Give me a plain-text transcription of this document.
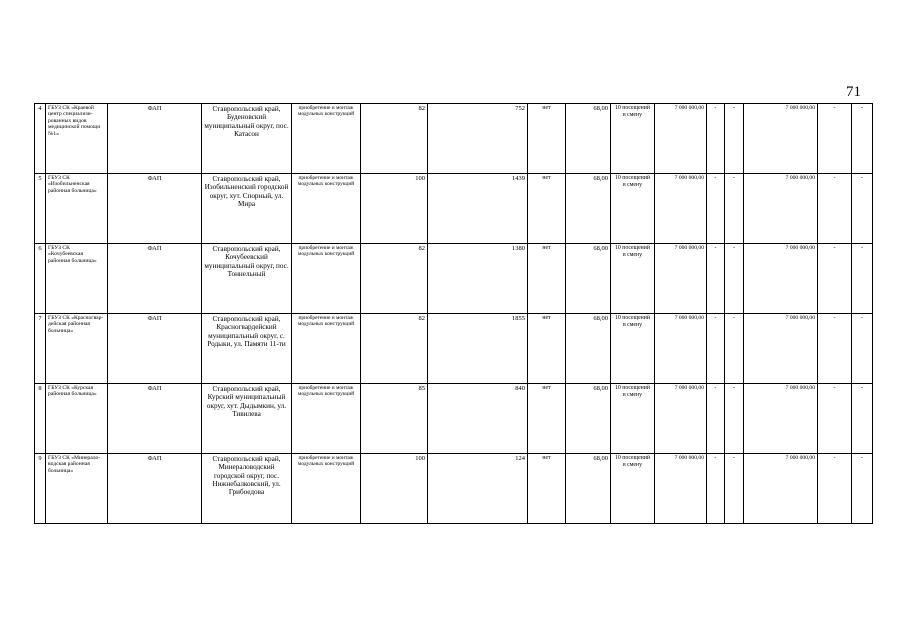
71
4	ГБУЗ СК «Краевой центр специализи-рованных видов медицинской помощи №1»	ФАП	Ставропольский край, Буденовский муниципальный округ, пос. Катасон	приобретение и монтаж модульных конструкций	82	752	нет	68,00	10 посещений в смену	7 000 000,00	-	-	7 000 000,00	-	-
5	ГБУЗ СК «Изобильненская районная больница»	ФАП	Ставропольский край, Изобильненский городской округ, хут. Спорный, ул. Мира	приобретение и монтаж модульных конструкций	100	1439	нет	68,00	10 посещений в смену	7 000 000,00	-	-	7 000 000,00	-	-
6	ГБУЗ СК «Кочубеевская районная больница»	ФАП	Ставропольский край, Кочубеевский муниципальный округ, пос. Тоннельный	приобретение и монтаж модульных конструкций	82	1380	нет	68,00	10 посещений в смену	7 000 000,00	-	-	7 000 000,00	-	-
7	ГБУЗ СК «Красногвар-дейская районная больница»	ФАП	Ставропольский край, Красногвардейский муниципальный округ, с. Родыки, ул. Памяти 11-ти	приобретение и монтаж модульных конструкций	82	1855	нет	68,00	10 посещений в смену	7 000 000,00	-	-	7 000 000,00	-	-
8	ГБУЗ СК «Курская районная больница»	ФАП	Ставропольский край, Курский муниципальный округ, хут. Дыдымкин, ул. Тивилева	приобретение и монтаж модульных конструкций	85	840	нет	68,00	10 посещений в смену	7 000 000,00	-	-	7 000 000,00	-	-
9	ГБУЗ СК «Минерало-водская районная больница»	ФАП	Ставропольский край, Минераловодский городской округ, пос. Нижнебалковский, ул. Грибоедова	приобретение и монтаж модульных конструкций	100	124	нет	68,00	10 посещений в смену	7 000 000,00	-	-	7 000 000,00	-	-
